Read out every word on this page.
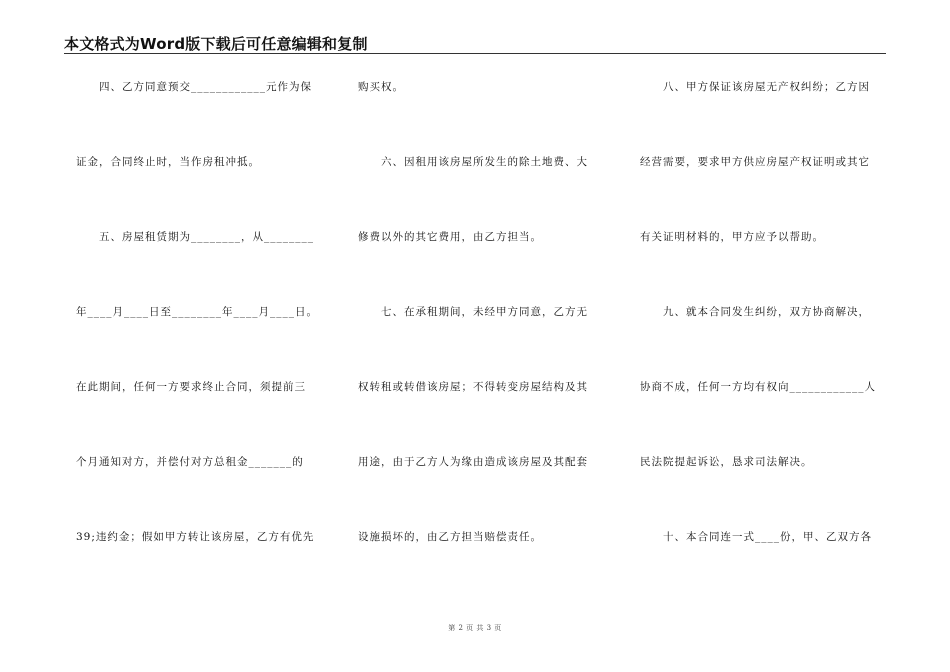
本文格式为Word版下载后可任意编辑和复制
　　四、乙方同意预交____________元作为保
证金，合同终止时，当作房租冲抵。
　　五、房屋租赁期为________，从________
年____月____日至________年____月____日。
在此期间，任何一方要求终止合同，须提前三
个月通知对方，并偿付对方总租金_______的
39;违约金；假如甲方转让该房屋，乙方有优先
购买权。
　　六、因租用该房屋所发生的除土地费、大
修费以外的其它费用，由乙方担当。
　　七、在承租期间，未经甲方同意，乙方无
权转租或转借该房屋；不得转变房屋结构及其
用途，由于乙方人为缘由造成该房屋及其配套
设施损坏的，由乙方担当赔偿责任。
　　八、甲方保证该房屋无产权纠纷；乙方因
经营需要，要求甲方供应房屋产权证明或其它
有关证明材料的，甲方应予以帮助。
　　九、就本合同发生纠纷，双方协商解决，
协商不成，任何一方均有权向____________人
民法院提起诉讼，恳求司法解决。
　　十、本合同连一式____份，甲、乙双方各
第 2 页 共 3 页
